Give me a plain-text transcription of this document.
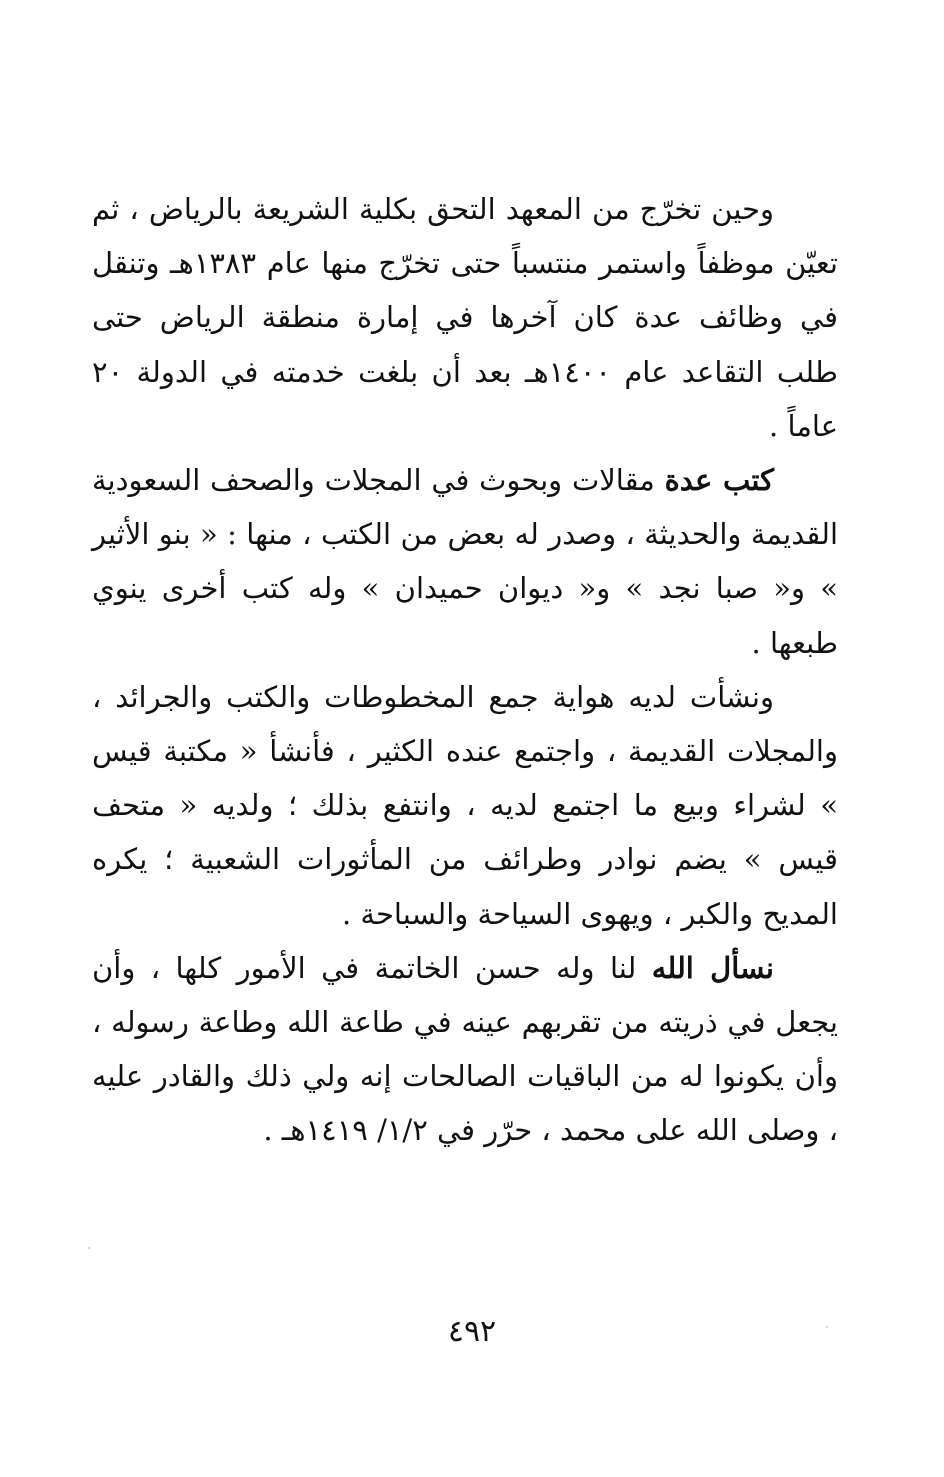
وحين تخرّج من المعهد التحق بكلية الشريعة بالرياض ، ثم تعيّن موظفاً واستمر منتسباً حتى تخرّج منها عام ١٣٨٣هـ وتنقل في وظائف عدة كان آخرها في إمارة منطقة الرياض حتى طلب التقاعد عام ١٤٠٠هـ بعد أن بلغت خدمته في الدولة ٢٠ عاماً .

كتب عدة مقالات وبحوث في المجلات والصحف السعودية القديمة والحديثة ، وصدر له بعض من الكتب ، منها : « بنو الأثير » و« صبا نجد » و« ديوان حميدان » وله كتب أخرى ينوي طبعها .

ونشأت لديه هواية جمع المخطوطات والكتب والجرائد ، والمجلات القديمة ، واجتمع عنده الكثير ، فأنشأ « مكتبة قيس » لشراء وبيع ما اجتمع لديه ، وانتفع بذلك ؛ ولديه « متحف قيس » يضم نوادر وطرائف من المأثورات الشعبية ؛ يكره المديح والكبر ، ويهوى السياحة والسباحة .

نسأل الله لنا وله حسن الخاتمة في الأمور كلها ، وأن يجعل في ذريته من تقربهم عينه في طاعة الله وطاعة رسوله ، وأن يكونوا له من الباقيات الصالحات إنه ولي ذلك والقادر عليه ، وصلى الله على محمد ، حرّر في ١/٢/ ١٤١٩هـ .

٤٩٢
